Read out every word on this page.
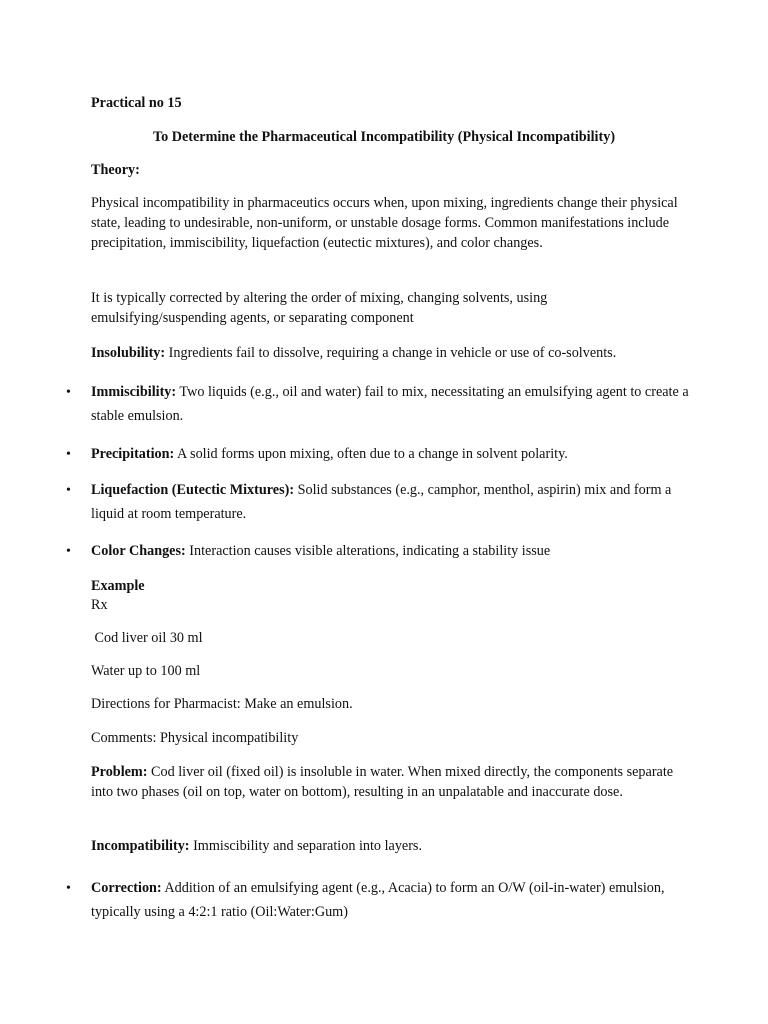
Practical no 15

To Determine the Pharmaceutical Incompatibility (Physical Incompatibility)

Theory:

Physical incompatibility in pharmaceutics occurs when, upon mixing, ingredients change their physical state, leading to undesirable, non-uniform, or unstable dosage forms. Common manifestations include precipitation, immiscibility, liquefaction (eutectic mixtures), and color changes.

It is typically corrected by altering the order of mixing, changing solvents, using emulsifying/suspending agents, or separating component

Insolubility: Ingredients fail to dissolve, requiring a change in vehicle or use of co-solvents.

• Immiscibility: Two liquids (e.g., oil and water) fail to mix, necessitating an emulsifying agent to create a stable emulsion.

• Precipitation: A solid forms upon mixing, often due to a change in solvent polarity.

• Liquefaction (Eutectic Mixtures): Solid substances (e.g., camphor, menthol, aspirin) mix and form a liquid at room temperature.

• Color Changes: Interaction causes visible alterations, indicating a stability issue

Example

Rx

Cod liver oil 30 ml

Water up to 100 ml

Directions for Pharmacist: Make an emulsion.

Comments: Physical incompatibility

Problem: Cod liver oil (fixed oil) is insoluble in water. When mixed directly, the components separate into two phases (oil on top, water on bottom), resulting in an unpalatable and inaccurate dose.

Incompatibility: Immiscibility and separation into layers.

• Correction: Addition of an emulsifying agent (e.g., Acacia) to form an O/W (oil-in-water) emulsion, typically using a 4:2:1 ratio (Oil:Water:Gum)
